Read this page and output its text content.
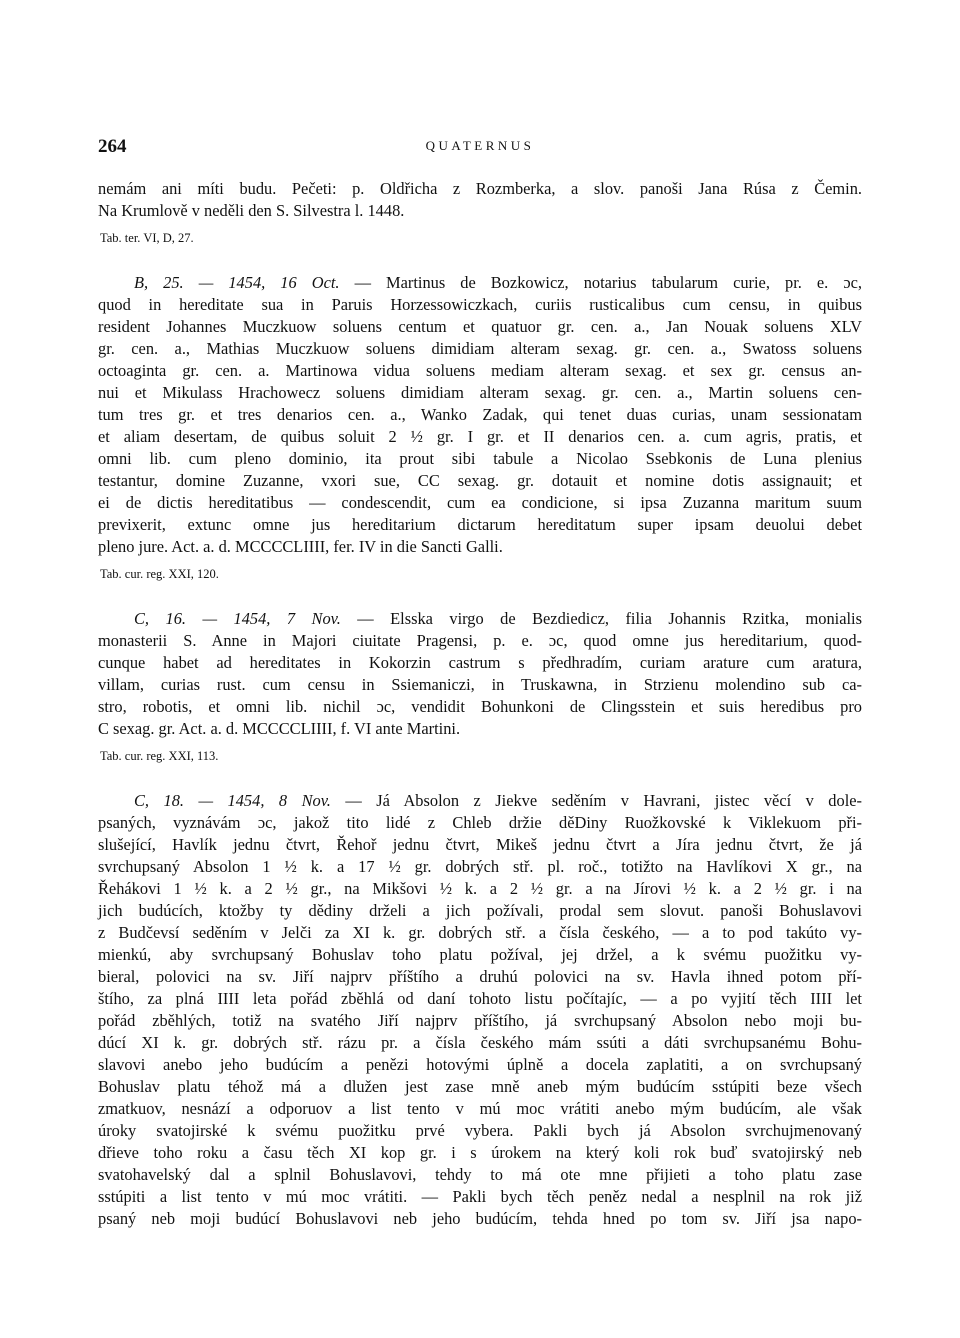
264	QUATERNUS
nemám ani míti budu. Pečeti: p. Oldřicha z Rozmberka, a slov. panoši Jana Rúsa z Čemin.
Na Krumlově v neděli den S. Silvestra l. 1448.
Tab. ter. VI, D, 27.
B, 25. — 1454, 16 Oct. — Martinus de Bozkowicz, notarius tabularum curie, pr. e. ɔc,
quod in hereditate sua in Paruis Horzessowiczkach, curiis rusticalibus cum censu, in quibus
resident Johannes Muczkuow soluens centum et quatuor gr. cen. a., Jan Nouak soluens XLV
gr. cen. a., Mathias Muczkuow soluens dimidiam alteram sexag. gr. cen. a., Swatoss soluens
octoaginta gr. cen. a. Martinowa vidua soluens mediam alteram sexag. et sex gr. census an-
nui et Mikulass Hrachowecz soluens dimidiam alteram sexag. gr. cen. a., Martin soluens cen-
tum tres gr. et tres denarios cen. a., Wanko Zadak, qui tenet duas curias, unam sessionatam
et aliam desertam, de quibus soluit 2 ½ gr. I gr. et II denarios cen. a. cum agris, pratis, et
omni lib. cum pleno dominio, ita prout sibi tabule a Nicolao Ssebkonis de Luna plenius
testantur, domine Zuzanne, vxori sue, CC sexag. gr. dotauit et nomine dotis assignauit; et
ei de dictis hereditatibus — condescendit, cum ea condicione, si ipsa Zuzanna maritum suum
previxerit, extunc omne jus hereditarium dictarum hereditatum super ipsam deuolui debet
pleno jure. Act. a. d. MCCCCLIIII, fer. IV in die Sancti Galli.
Tab. cur. reg. XXI, 120.
C, 16. — 1454, 7 Nov. — Elsska virgo de Bezdiedicz, filia Johannis Rzitka, monialis
monasterii S. Anne in Majori ciuitate Pragensi, p. e. ɔc, quod omne jus hereditarium, quod-
cunque habet ad hereditates in Kokorzin castrum s předhradím, curiam arature cum aratura,
villam, curias rust. cum censu in Ssiemaniczi, in Truskawna, in Strzienu molendino sub ca-
stro, robotis, et omni lib. nichil ɔc, vendidit Bohunkoni de Clingsstein et suis heredibus pro
C sexag. gr. Act. a. d. MCCCCLIIII, f. VI ante Martini.
Tab. cur. reg. XXI, 113.
C, 18. — 1454, 8 Nov. — Já Absolon z Jiekve seděním v Havrani, jistec věcí v dole-
psaných, vyznávám ɔc, jakož tito lidé z Chleb držie děDiny Ruožkovské k Viklekuom při-
slušející, Havlík jednu čtvrt, Řehoř jednu čtvrt, Mikeš jednu čtvrt a Jíra jednu čtvrt, že já
svrchupsaný Absolon 1 ½ k. a 17 ½ gr. dobrých stř. pl. roč., totižto na Havlíkovi X gr., na
Řehákovi 1 ½ k. a 2 ½ gr., na Mikšovi ½ k. a 2 ½ gr. a na Jírovi ½ k. a 2 ½ gr. i na
jich budúcích, ktožby ty dědiny drželi a jich požívali, prodal sem slovut. panoši Bohuslavovi
z Budčevsí seděním v Jelči za XI k. gr. dobrých stř. a čísla českého, — a to pod takúto vy-
mienkú, aby svrchupsaný Bohuslav toho platu požíval, jej držel, a k svému puožitku vy-
bieral, polovici na sv. Jiří najprv příštího a druhú polovici na sv. Havla ihned potom pří-
štího, za plná IIII leta pořád zběhlá od daní tohoto listu počítajíc, — a po vyjití těch IIII let
pořád zběhlých, totiž na svatého Jiří najprv příštího, já svrchupsaný Absolon nebo moji bu-
dúcí XI k. gr. dobrých stř. rázu pr. a čísla českého mám ssúti a dáti svrchupsanému Bohu-
slavovi anebo jeho budúcím a penězi hotovými úplně a docela zaplatiti, a on svrchupsaný
Bohuslav platu téhož má a dlužen jest zase mně aneb mým budúcím sstúpiti beze všech
zmatkuov, nesnází a odporuov a list tento v mú moc vrátiti anebo mým budúcím, ale však
úroky svatojirské k svému puožitku prvé vybera. Pakli bych já Absolon svrchujmenovaný
dřieve toho roku a času těch XI kop gr. i s úrokem na který koli rok buď svatojirský neb
svatohavelský dal a splnil Bohuslavovi, tehdy to má ote mne přijieti a toho platu zase
sstúpiti a list tento v mú moc vrátiti. — Pakli bych těch peněz nedal a nesplnil na rok již
psaný neb moji budúcí Bohuslavovi neb jeho budúcím, tehda hned po tom sv. Jiří jsa napo-
